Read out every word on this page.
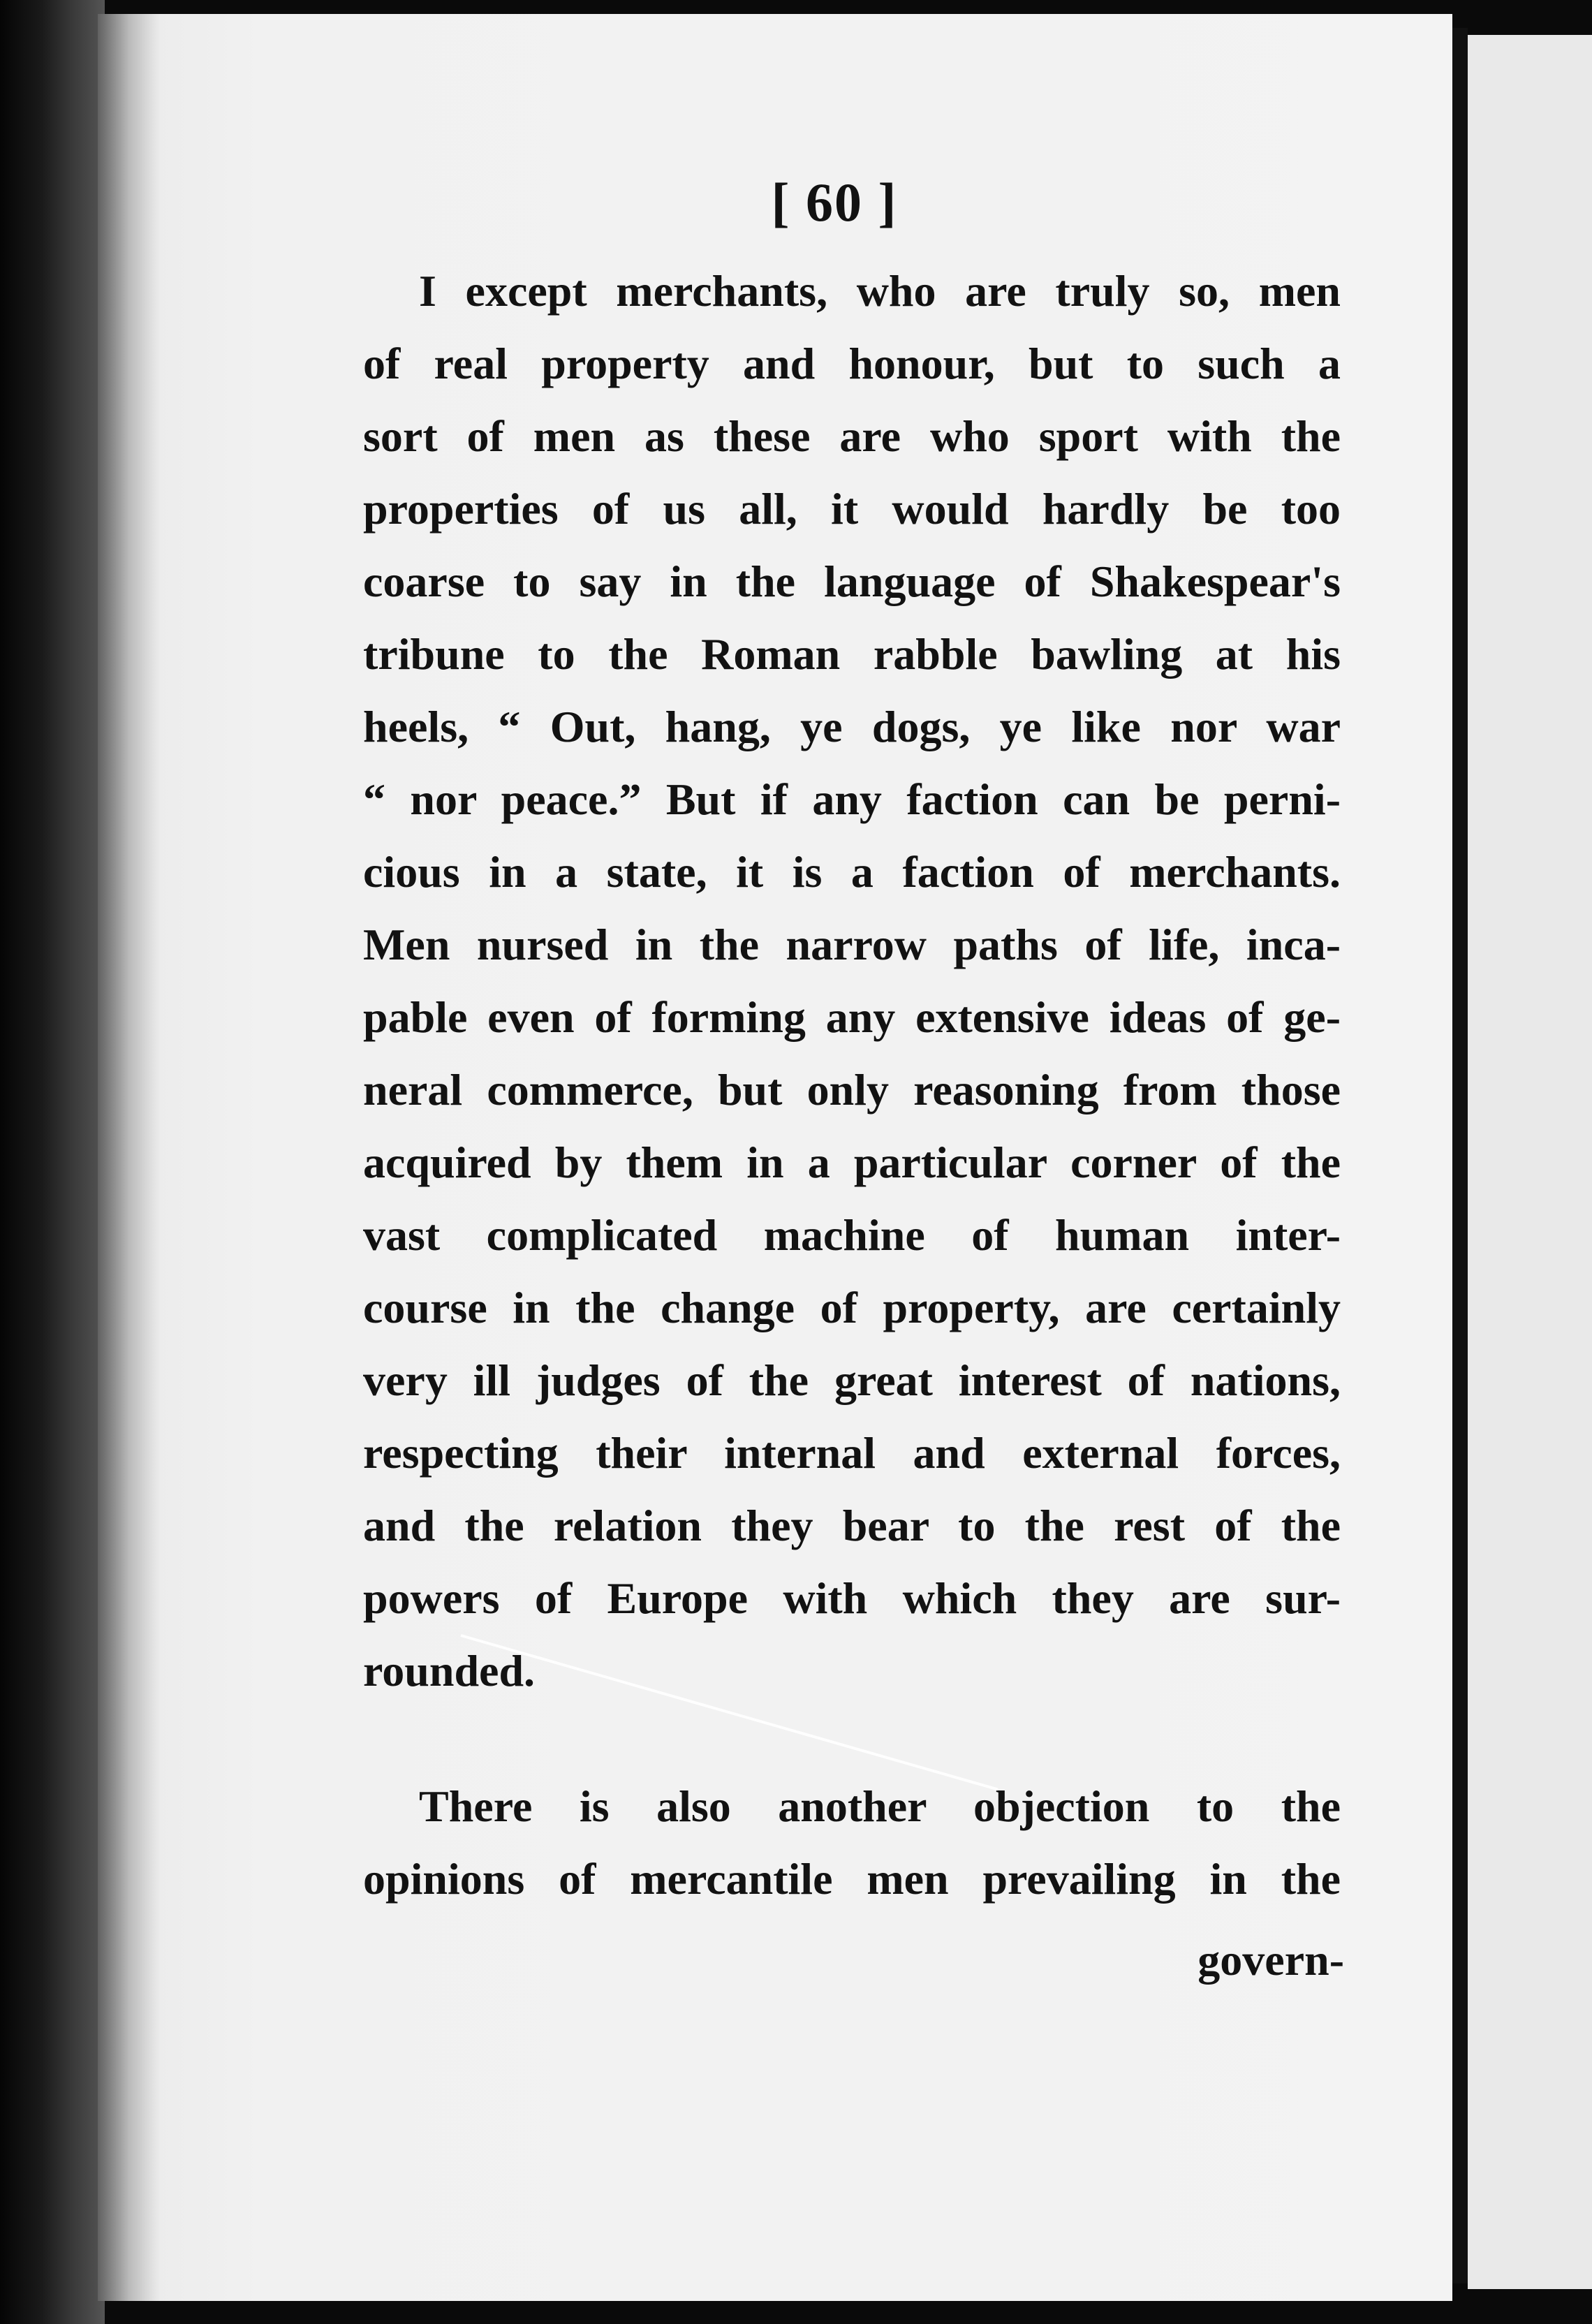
[ 60 ]
I except merchants, who are truly so, men
of real property and honour, but to such a
sort of men as these are who sport with the
properties of us all, it would hardly be too
coarse to say in the language of Shakespear's
tribune to the Roman rabble bawling at his
heels, “ Out, hang, ye dogs, ye like nor war
“ nor peace.” But if any faction can be perni-
cious in a state, it is a faction of merchants.
Men nursed in the narrow paths of life, inca-
pable even of forming any extensive ideas of ge-
neral commerce, but only reasoning from those
acquired by them in a particular corner of the
vast complicated machine of human inter-
course in the change of property, are certainly
very ill judges of the great interest of nations,
respecting their internal and external forces,
and the relation they bear to the rest of the
powers of Europe with which they are sur-
rounded.
There is also another objection to the
opinions of mercantile men prevailing in the
govern-
